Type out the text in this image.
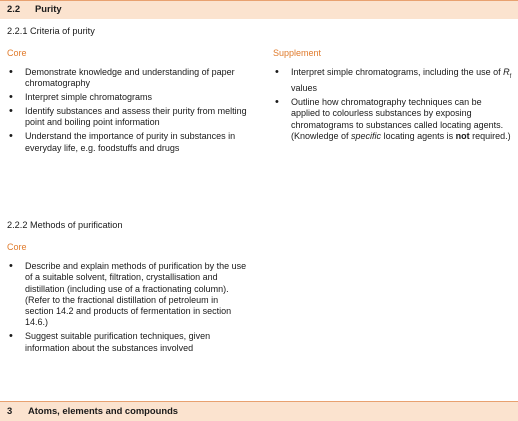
2.2 Purity
2.2.1 Criteria of purity
Core	Supplement
• Demonstrate knowledge and understanding of paper chromatography
• Interpret simple chromatograms
• Identify substances and assess their purity from melting point and boiling point information
• Understand the importance of purity in substances in everyday life, e.g. foodstuffs and drugs
• Interpret simple chromatograms, including the use of $R_f$ values
• Outline how chromatography techniques can be applied to colourless substances by exposing chromatograms to substances called locating agents. (Knowledge of specific locating agents is not required.)
2.2.2 Methods of purification
Core
• Describe and explain methods of purification by the use of a suitable solvent, filtration, crystallisation and distillation (including use of a fractionating column). (Refer to the fractional distillation of petroleum in section 14.2 and products of fermentation in section 14.6.)
• Suggest suitable purification techniques, given information about the substances involved
3 Atoms, elements and compounds
